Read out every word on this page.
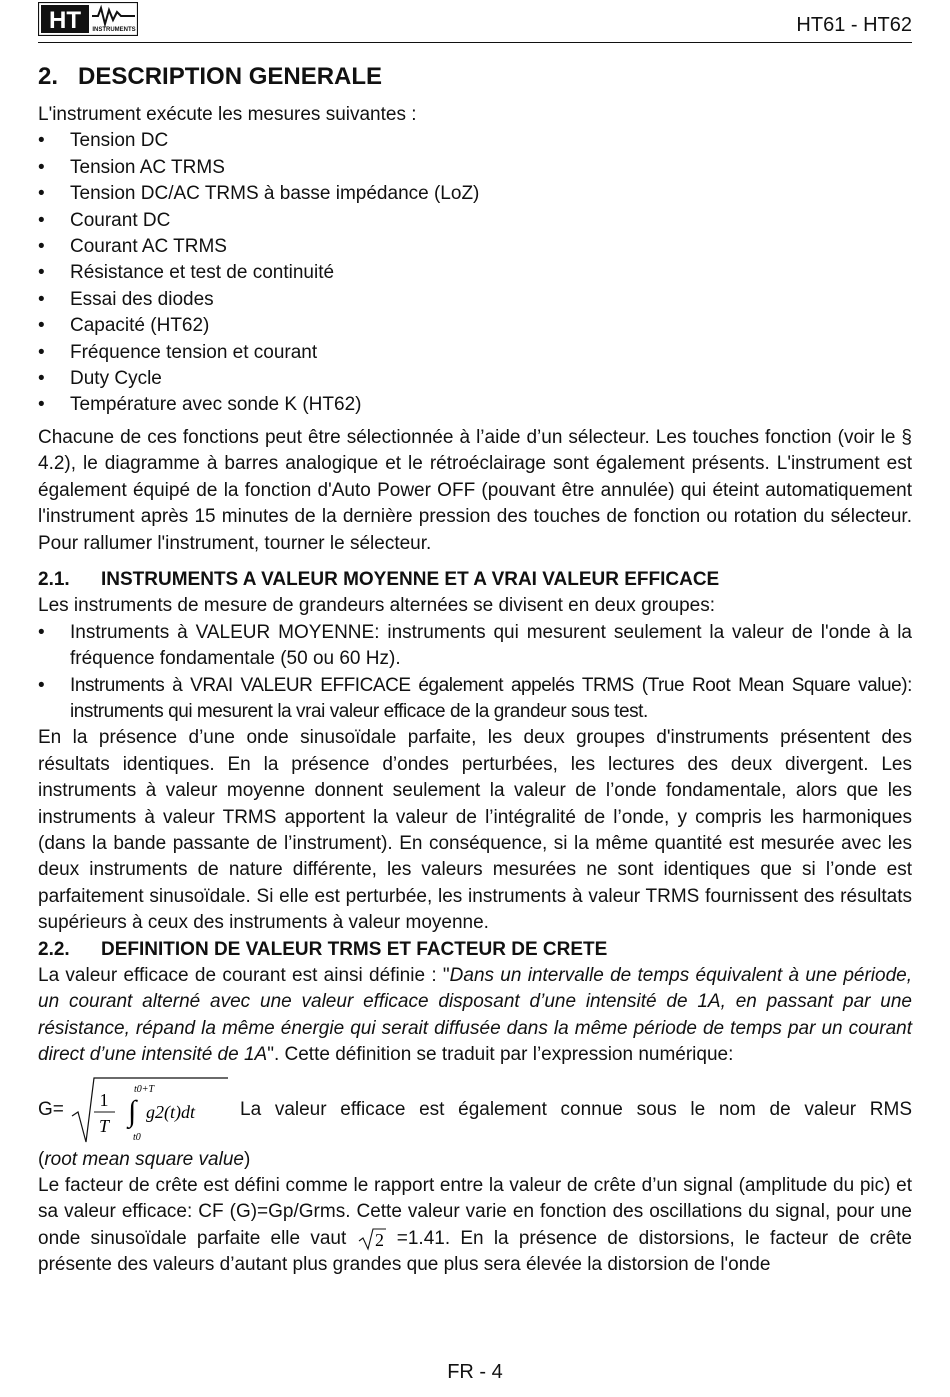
HT INSTRUMENTS	HT61 - HT62
2.   DESCRIPTION GENERALE

L'instrument exécute les mesures suivantes :

• Tension DC
• Tension AC TRMS
• Tension DC/AC TRMS à basse impédance (LoZ)
• Courant DC
• Courant AC TRMS
• Résistance et test de continuité
• Essai des diodes
• Capacité (HT62)
• Fréquence tension et courant
• Duty Cycle
• Température avec sonde K (HT62)

Chacune de ces fonctions peut être sélectionnée à l’aide d’un sélecteur. Les touches fonction (voir le § 4.2), le diagramme à barres analogique et le rétroéclairage sont également présents. L'instrument est également équipé de la fonction d'Auto Power OFF (pouvant être annulée) qui éteint automatiquement l'instrument après 15 minutes de la dernière pression des touches de fonction ou rotation du sélecteur. Pour rallumer l'instrument, tourner le sélecteur.

2.1. INSTRUMENTS A VALEUR MOYENNE ET A VRAI VALEUR EFFICACE

Les instruments de mesure de grandeurs alternées se divisent en deux groupes:

• Instruments à VALEUR MOYENNE: instruments qui mesurent seulement la valeur de l'onde à la fréquence fondamentale (50 ou 60 Hz).
• Instruments à VRAI VALEUR EFFICACE également appelés TRMS (True Root Mean Square value): instruments qui mesurent la vrai valeur efficace de la grandeur sous test.

En la présence d’une onde sinusoïdale parfaite, les deux groupes d'instruments présentent des résultats identiques. En la présence d’ondes perturbées, les lectures des deux divergent. Les instruments à valeur moyenne donnent seulement la valeur de l’onde fondamentale, alors que les instruments à valeur TRMS apportent la valeur de l’intégralité de l’onde, y compris les harmoniques (dans la bande passante de l’instrument). En conséquence, si la même quantité est mesurée avec les deux instruments de nature différente, les valeurs mesurées ne sont identiques que si l’onde est parfaitement sinusoïdale. Si elle est perturbée, les instruments à valeur TRMS fournissent des résultats supérieurs à ceux des instruments à valeur moyenne.

2.2. DEFINITION DE VALEUR TRMS ET FACTEUR DE CRETE

La valeur efficace de courant est ainsi définie : "Dans un intervalle de temps équivalent à une période, un courant alterné avec une valeur efficace disposant d’une intensité de 1A, en passant par une résistance, répand la même énergie qui serait diffusée dans la même période de temps par un courant direct d’une intensité de 1A". Cette définition se traduit par l’expression numérique:

G=	1
T
t0+T
∫
t0
g2(t)dt	La valeur efficace est également connue sous le nom de valeur RMS

(root mean square value)

Le facteur de crête est défini comme le rapport entre la valeur de crête d’un signal (amplitude du pic) et sa valeur efficace: CF (G)=Gp/Grms. Cette valeur varie en fonction des oscillations du signal, pour une onde sinusoïdale parfaite elle vaut 2 =1.41. En la présence de distorsions, le facteur de crête présente des valeurs d’autant plus grandes que plus sera élevée la distorsion de l'onde

FR - 4
